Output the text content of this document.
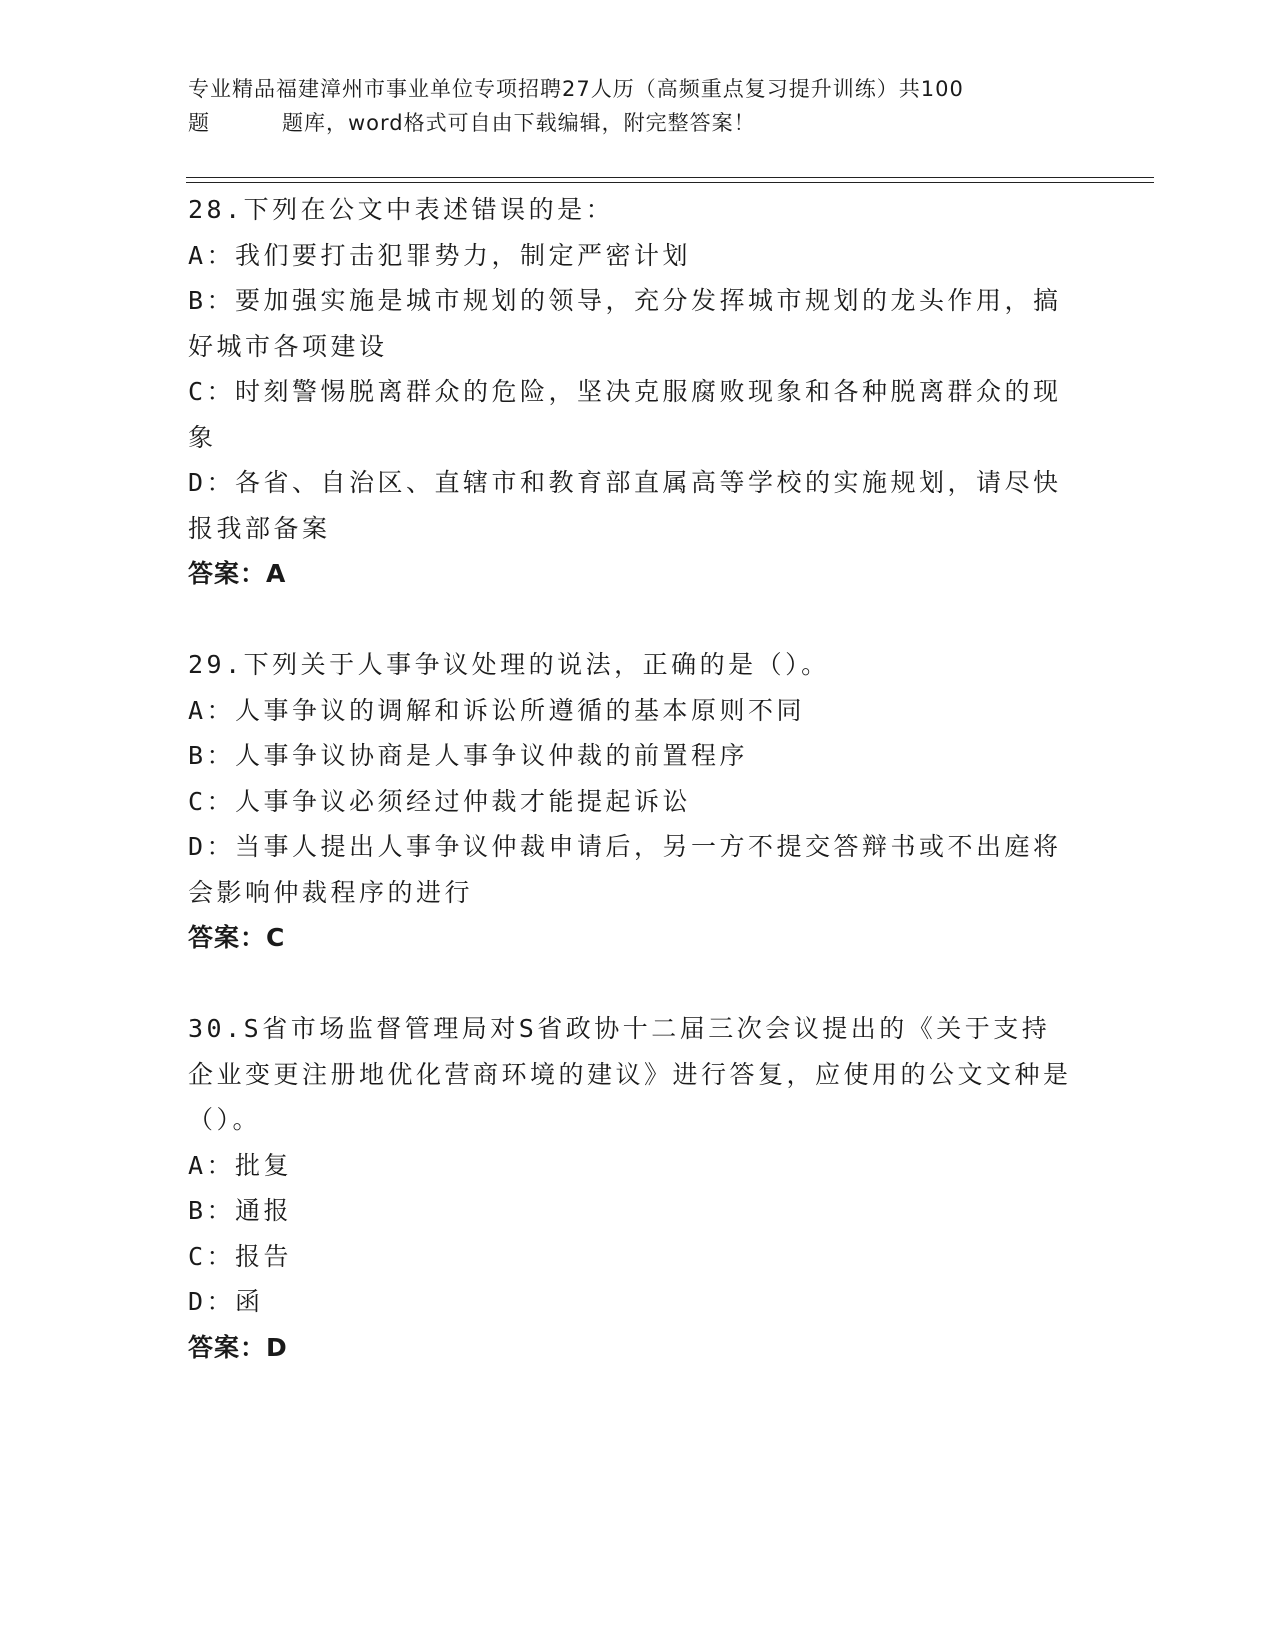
专业精品福建漳州市事业单位专项招聘27人历（高频重点复习提升训练）共100
题	题库，word格式可自由下载编辑，附完整答案！

28.下列在公文中表述错误的是：

A：我们要打击犯罪势力，制定严密计划

B：要加强实施是城市规划的领导，充分发挥城市规划的龙头作用，搞好城市各项建设

C：时刻警惕脱离群众的危险，坚决克服腐败现象和各种脱离群众的现象

D：各省、自治区、直辖市和教育部直属高等学校的实施规划，请尽快报我部备案

答案：A

29.下列关于人事争议处理的说法，正确的是（）。

A：人事争议的调解和诉讼所遵循的基本原则不同

B：人事争议协商是人事争议仲裁的前置程序

C：人事争议必须经过仲裁才能提起诉讼

D：当事人提出人事争议仲裁申请后，另一方不提交答辩书或不出庭将会影响仲裁程序的进行

答案：C

30.S省市场监督管理局对S省政协十二届三次会议提出的《关于支持企业变更注册地优化营商环境的建议》进行答复，应使用的公文文种是（）。

A：批复

B：通报

C：报告

D：函

答案：D
